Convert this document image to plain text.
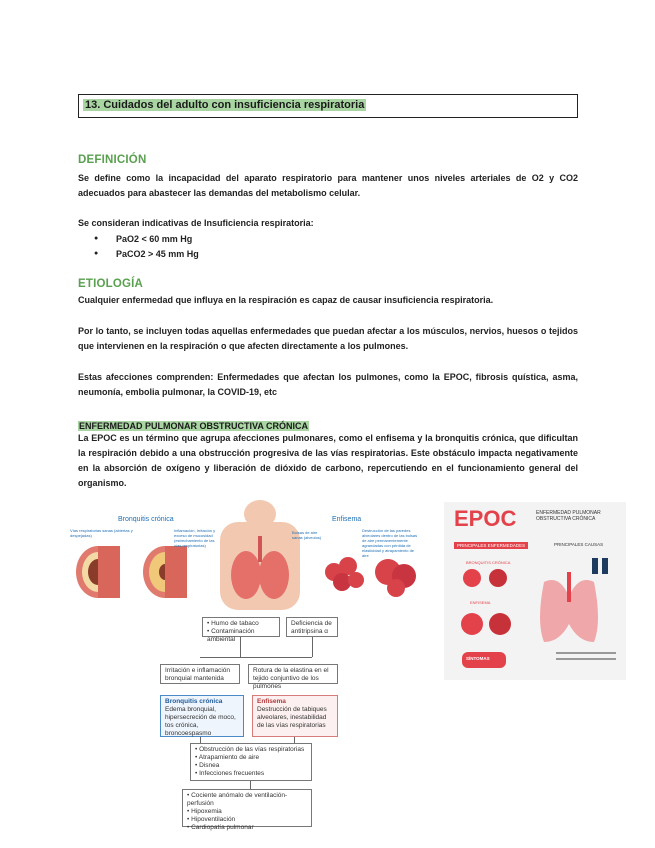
13. Cuidados del adulto con insuficiencia respiratoria
DEFINICIÓN
Se define como la incapacidad del aparato respiratorio para mantener unos niveles arteriales de O2 y CO2 adecuados para abastecer las demandas del metabolismo celular.
Se consideran indicativas de Insuficiencia respiratoria:
● PaO2 < 60 mm Hg
● PaCO2 > 45 mm Hg
ETIOLOGÍA
Cualquier enfermedad que influya en la respiración es capaz de causar insuficiencia respiratoria.
Por lo tanto, se incluyen todas aquellas enfermedades que puedan afectar a los músculos, nervios, huesos o tejidos que intervienen en la respiración o que afecten directamente a los pulmones.
Estas afecciones comprenden: Enfermedades que afectan los pulmones, como la EPOC, fibrosis quística, asma, neumonía, embolia pulmonar, la COVID-19, etc
ENFERMEDAD PULMONAR OBSTRUCTIVA CRÓNICA
La EPOC es un término que agrupa afecciones pulmonares, como el enfisema y la bronquitis crónica, que dificultan la respiración debido a una obstrucción progresiva de las vías respiratorias. Este obstáculo impacta negativamente en la absorción de oxígeno y liberación de dióxido de carbono, repercutiendo en el funcionamiento general del organismo.
Bronquitis crónica	Enfisema
Vías respiratorias sanas (abiertas y despejadas)
Inflamación, Irritación y exceso de mucosidad (estrechamiento de las vías respiratorias)
Bolsas de aire sanas (alveolos)
Destrucción de las paredes alveolares dentro de las bolsas de aire permanentemente agrandadas con pérdida de elasticidad y atrapamiento de aire
EPOC	ENFERMEDAD PULMONAR OBSTRUCTIVA CRÓNICA
PRINCIPALES ENFERMEDADES	PRINCIPALES CAUSAS
BRONQUITIS CRÓNICA
ENFISEMA
SÍNTOMAS
• Humo de tabaco
• Contaminación ambiental
Deficiencia de antitripsina α
Irritación e inflamación bronquial mantenida
Rotura de la elastina en el tejido conjuntivo de los pulmones
Bronquitis crónica
Edema bronquial, hipersecreción de moco, tos crónica, broncoespasmo
Enfisema
Destrucción de tabiques alveolares, inestabilidad de las vías respiratorias
• Obstrucción de las vías respiratorias
• Atrapamiento de aire
• Disnea
• Infecciones frecuentes
• Cociente anómalo de ventilación-perfusión
• Hipoxemia
• Hipoventilación
• Cardiopatía pulmonar
